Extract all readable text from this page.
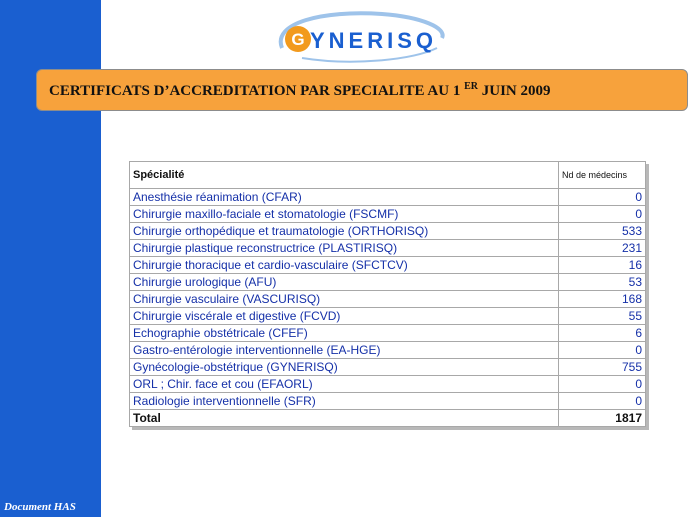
Document HAS
G YNERISQ
CERTIFICATS D’ACCREDITATION PAR SPECIALITE AU 1 $^{ER}$ JUIN 2009
Spécialité	Nd de médecins
Anesthésie réanimation (CFAR)	0
Chirurgie maxillo-faciale et stomatologie (FSCMF)	0
Chirurgie orthopédique et traumatologie (ORTHORISQ)	533
Chirurgie plastique reconstructrice (PLASTIRISQ)	231
Chirurgie thoracique et cardio-vasculaire (SFCTCV)	16
Chirurgie urologique (AFU)	53
Chirurgie vasculaire (VASCURISQ)	168
Chirurgie viscérale et digestive (FCVD)	55
Echographie obstétricale (CFEF)	6
Gastro-entérologie interventionnelle (EA-HGE)	0
Gynécologie-obstétrique (GYNERISQ)	755
ORL ; Chir. face et cou (EFAORL)	0
Radiologie interventionnelle (SFR)	0
Total	1817
